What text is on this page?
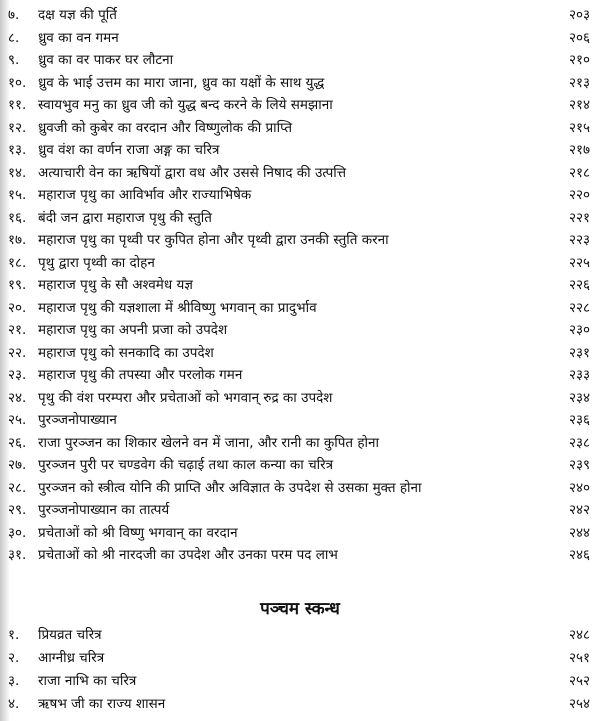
७.	दक्ष यज्ञ की पूर्ति	२०३
८.	ध्रुव का वन गमन	२०६
९.	ध्रुव का वर पाकर घर लौटना	२१०
१०. ध्रुव के भाई उत्तम का मारा जाना, ध्रुव का यक्षों के साथ युद्ध	२१३
११. स्वायभुव मनु का ध्रुव जी को युद्ध बन्द करने के लिये समझाना	२१४
१२. ध्रुवजी को कुबेर का वरदान और विष्णुलोक की प्राप्ति	२१५
१३. ध्रुव वंश का वर्णन राजा अङ्ग का चरित्र	२१७
१४. अत्याचारी वेन का ऋषियों द्वारा वध और उससे निषाद की उत्पत्ति	२१८
१५. महाराज पृथु का आविर्भाव और राज्याभिषेक	२२०
१६. बंदी जन द्वारा महाराज पृथु की स्तुति	२२१
१७. महाराज पृथु का पृथ्वी पर कुपित होना और पृथ्वी द्वारा उनकी स्तुति करना	२२३
१८. पृथु द्वारा पृथ्वी का दोहन	२२५
१९. महाराज पृथु के सौ अश्वमेध यज्ञ	२२६
२०. महाराज पृथु की यज्ञशाला में श्रीविष्णु भगवान् का प्रादुर्भाव	२२८
२१. महाराज पृथु का अपनी प्रजा को उपदेश	२३०
२२. महाराज पृथु को सनकादि का उपदेश	२३१
२३. महाराज पृथु की तपस्या और परलोक गमन	२३३
२४. पृथु की वंश परम्परा और प्रचेताओं को भगवान् रुद्र का उपदेश	२३४
२५. पुरञ्जनोपाख्यान	२३६
२६. राजा पुरञ्जन का शिकार खेलने वन में जाना, और रानी का कुपित होना	२३८
२७. पुरञ्जन पुरी पर चण्डवेग की चढ़ाई तथा काल कन्या का चरित्र	२३९
२८. पुरञ्जन को स्त्रीत्व योनि की प्राप्ति और अविज्ञात के उपदेश से उसका मुक्त होना	२४०
२९. पुरञ्जनोपाख्यान का तात्पर्य	२४२
३०. प्रचेताओं को श्री विष्णु भगवान् का वरदान	२४४
३१. प्रचेताओं को श्री नारदजी का उपदेश और उनका परम पद लाभ	२४६
पञ्चम स्कन्ध
१.	प्रियव्रत चरित्र	२४८
२.	आग्नीध्र चरित्र	२५१
३.	राजा नाभि का चरित्र	२५२
४.	ऋषभ जी का राज्य शासन	२५४
